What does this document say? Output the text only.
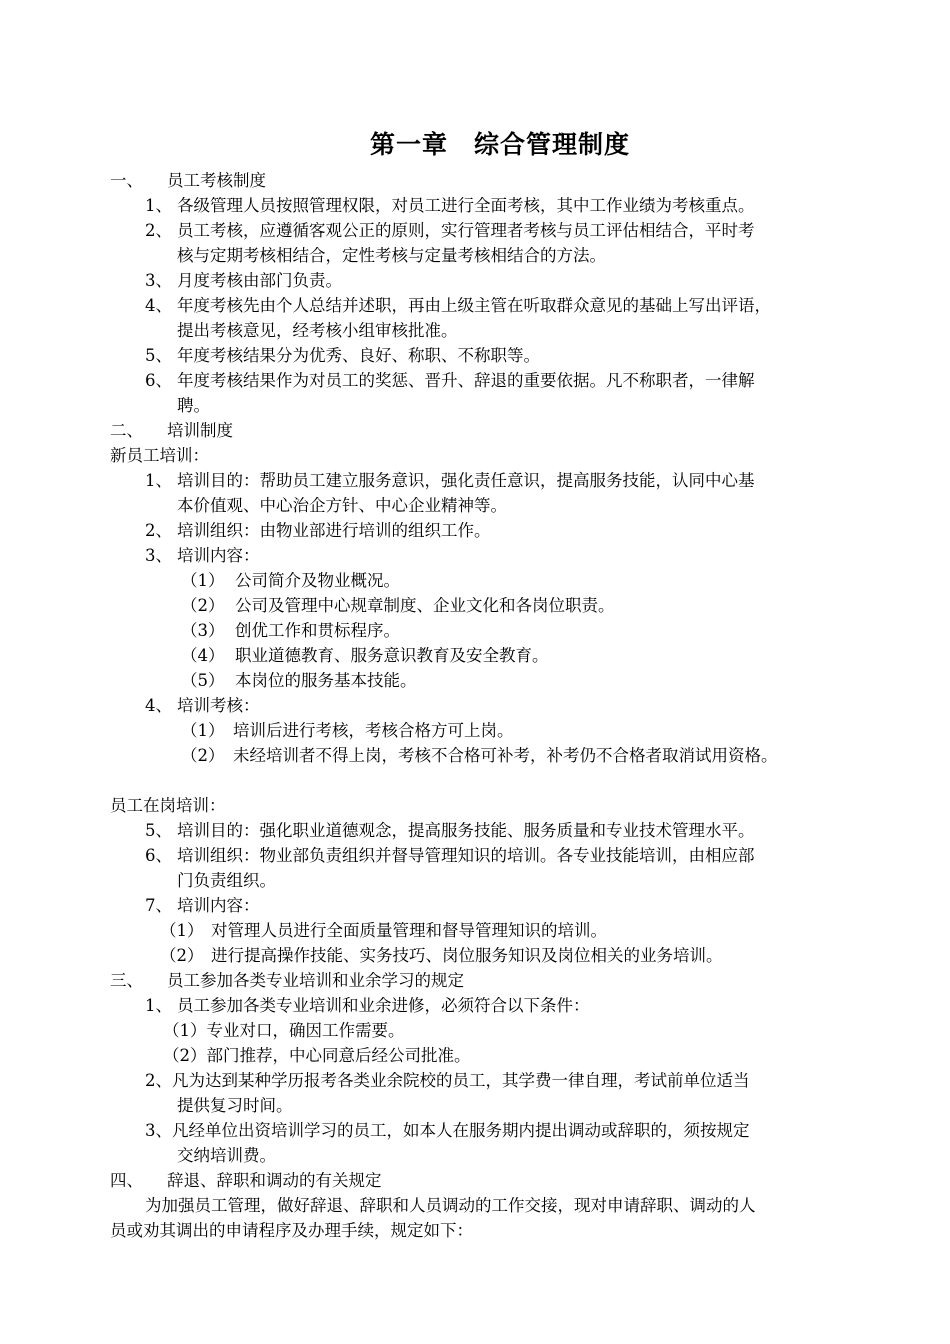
第一章　综合管理制度
一、 员工考核制度
1、 各级管理人员按照管理权限，对员工进行全面考核，其中工作业绩为考核重点。
2、 员工考核，应遵循客观公正的原则，实行管理者考核与员工评估相结合，平时考
核与定期考核相结合，定性考核与定量考核相结合的方法。
3、 月度考核由部门负责。
4、 年度考核先由个人总结并述职，再由上级主管在听取群众意见的基础上写出评语，
提出考核意见，经考核小组审核批准。
5、 年度考核结果分为优秀、良好、称职、不称职等。
6、 年度考核结果作为对员工的奖惩、晋升、辞退的重要依据。凡不称职者，一律解
聘。
二、 培训制度
新员工培训：
1、 培训目的：帮助员工建立服务意识，强化责任意识，提高服务技能，认同中心基
本价值观、中心治企方针、中心企业精神等。
2、 培训组织：由物业部进行培训的组织工作。
3、 培训内容：
（1） 公司简介及物业概况。
（2） 公司及管理中心规章制度、企业文化和各岗位职责。
（3） 创优工作和贯标程序。
（4） 职业道德教育、服务意识教育及安全教育。
（5） 本岗位的服务基本技能。
4、 培训考核：
（1） 培训后进行考核，考核合格方可上岗。
（2） 未经培训者不得上岗，考核不合格可补考，补考仍不合格者取消试用资格。
员工在岗培训：
5、 培训目的：强化职业道德观念，提高服务技能、服务质量和专业技术管理水平。
6、 培训组织：物业部负责组织并督导管理知识的培训。各专业技能培训，由相应部
门负责组织。
7、 培训内容：
（1） 对管理人员进行全面质量管理和督导管理知识的培训。
（2） 进行提高操作技能、实务技巧、岗位服务知识及岗位相关的业务培训。
三、 员工参加各类专业培训和业余学习的规定
1、 员工参加各类专业培训和业余进修，必须符合以下条件：
（1）专业对口，确因工作需要。
（2）部门推荐，中心同意后经公司批准。
2、 凡为达到某种学历报考各类业余院校的员工，其学费一律自理，考试前单位适当
提供复习时间。
3、 凡经单位出资培训学习的员工，如本人在服务期内提出调动或辞职的，须按规定
交纳培训费。
四、 辞退、辞职和调动的有关规定
为加强员工管理，做好辞退、辞职和人员调动的工作交接，现对申请辞职、调动的人
员或劝其调出的申请程序及办理手续，规定如下：
